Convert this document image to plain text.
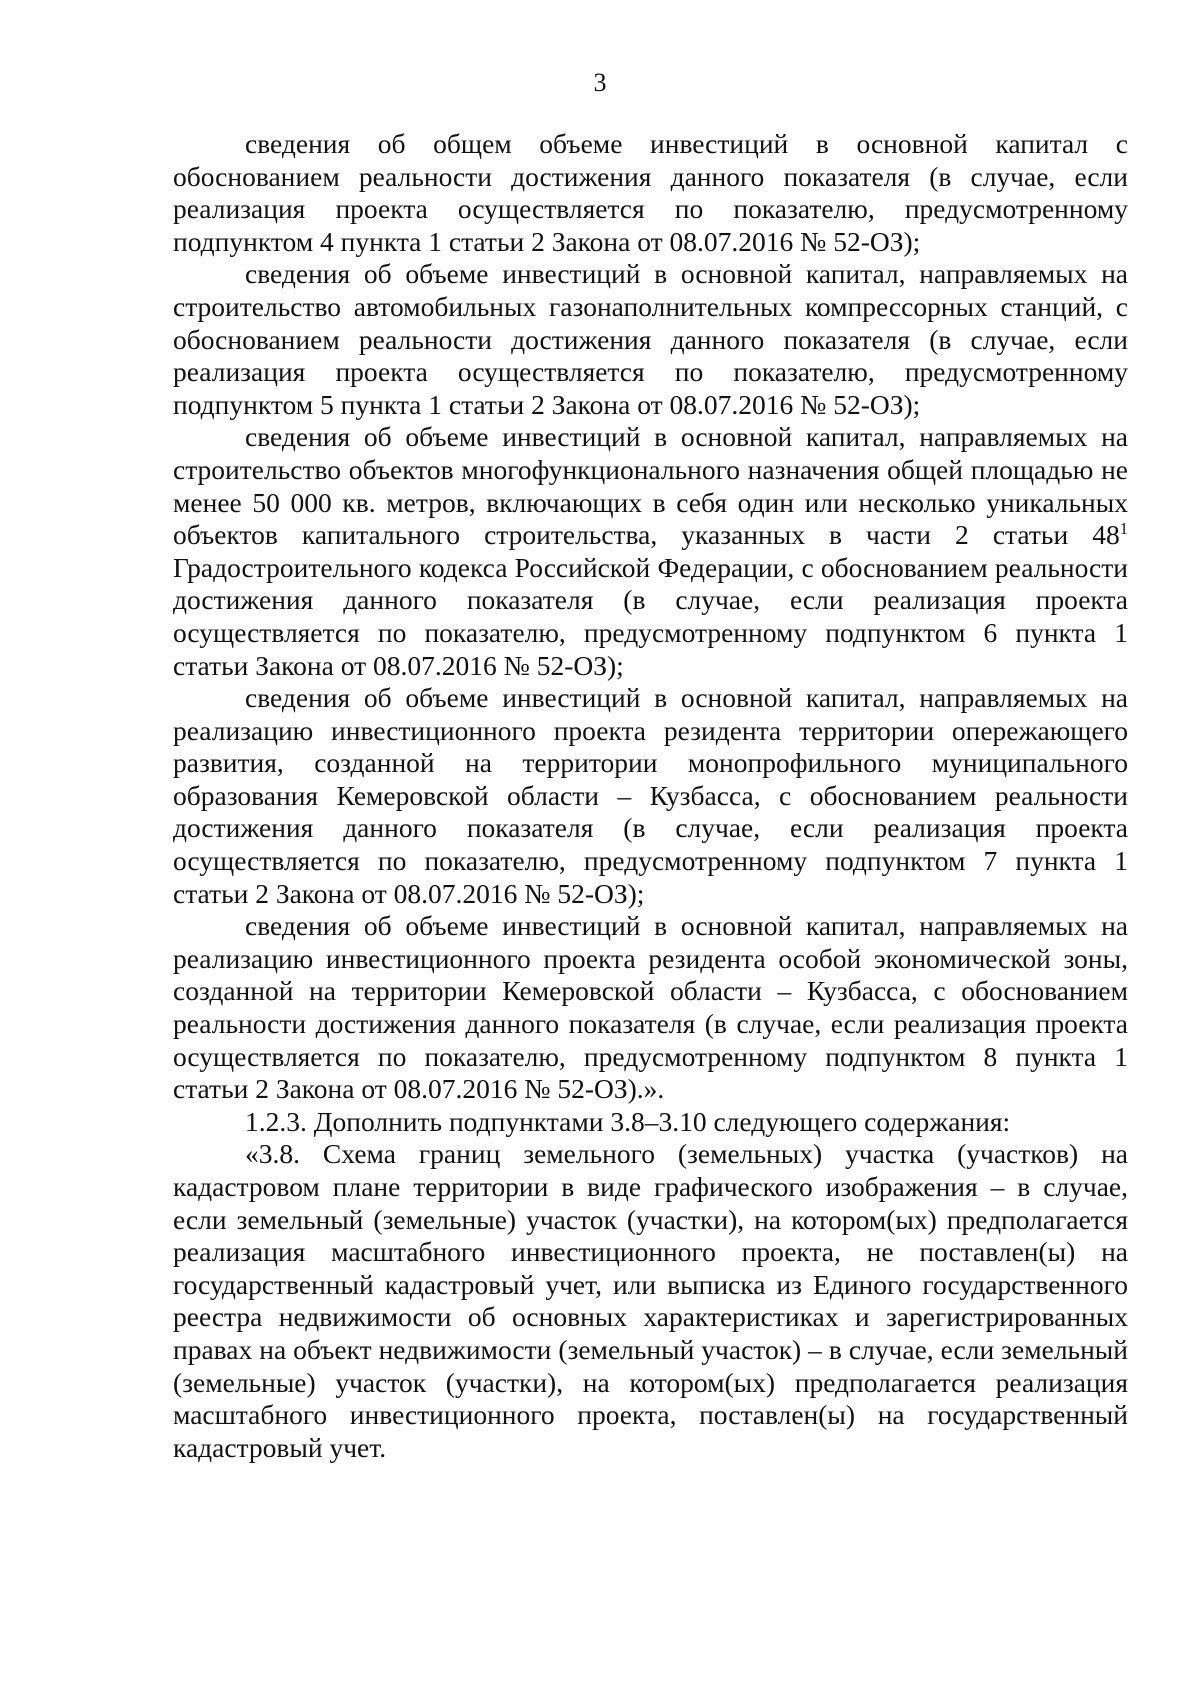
3

сведения об общем объеме инвестиций в основной капитал с обоснованием реальности достижения данного показателя (в случае, если реализация проекта осуществляется по показателю, предусмотренному подпунктом 4 пункта 1 статьи 2 Закона от 08.07.2016 № 52-ОЗ);

сведения об объеме инвестиций в основной капитал, направляемых на строительство автомобильных газонаполнительных компрессорных станций, с обоснованием реальности достижения данного показателя (в случае, если реализация проекта осуществляется по показателю, предусмотренному подпунктом 5 пункта 1 статьи 2 Закона от 08.07.2016 № 52-ОЗ);

сведения об объеме инвестиций в основной капитал, направляемых на строительство объектов многофункционального назначения общей площадью не менее 50 000 кв. метров, включающих в себя один или несколько уникальных объектов капитального строительства, указанных в части 2 статьи $48^1$ Градостроительного кодекса Российской Федерации, с обоснованием реальности достижения данного показателя (в случае, если реализация проекта осуществляется по показателю, предусмотренному подпунктом 6 пункта 1 статьи Закона от 08.07.2016 № 52-ОЗ);

сведения об объеме инвестиций в основной капитал, направляемых на реализацию инвестиционного проекта резидента территории опережающего развития, созданной на территории монопрофильного муниципального образования Кемеровской области – Кузбасса, с обоснованием реальности достижения данного показателя (в случае, если реализация проекта осуществляется по показателю, предусмотренному подпунктом 7 пункта 1 статьи 2 Закона от 08.07.2016 № 52-ОЗ);

сведения об объеме инвестиций в основной капитал, направляемых на реализацию инвестиционного проекта резидента особой экономической зоны, созданной на территории Кемеровской области – Кузбасса, с обоснованием реальности достижения данного показателя (в случае, если реализация проекта осуществляется по показателю, предусмотренному подпунктом 8 пункта 1 статьи 2 Закона от 08.07.2016 № 52-ОЗ).».

1.2.3. Дополнить подпунктами 3.8–3.10 следующего содержания:

«3.8. Схема границ земельного (земельных) участка (участков) на кадастровом плане территории в виде графического изображения – в случае, если земельный (земельные) участок (участки), на котором(ых) предполагается реализация масштабного инвестиционного проекта, не поставлен(ы) на государственный кадастровый учет, или выписка из Единого государственного реестра недвижимости об основных характеристиках и зарегистрированных правах на объект недвижимости (земельный участок) – в случае, если земельный (земельные) участок (участки), на котором(ых) предполагается реализация масштабного инвестиционного проекта, поставлен(ы) на государственный кадастровый учет.
